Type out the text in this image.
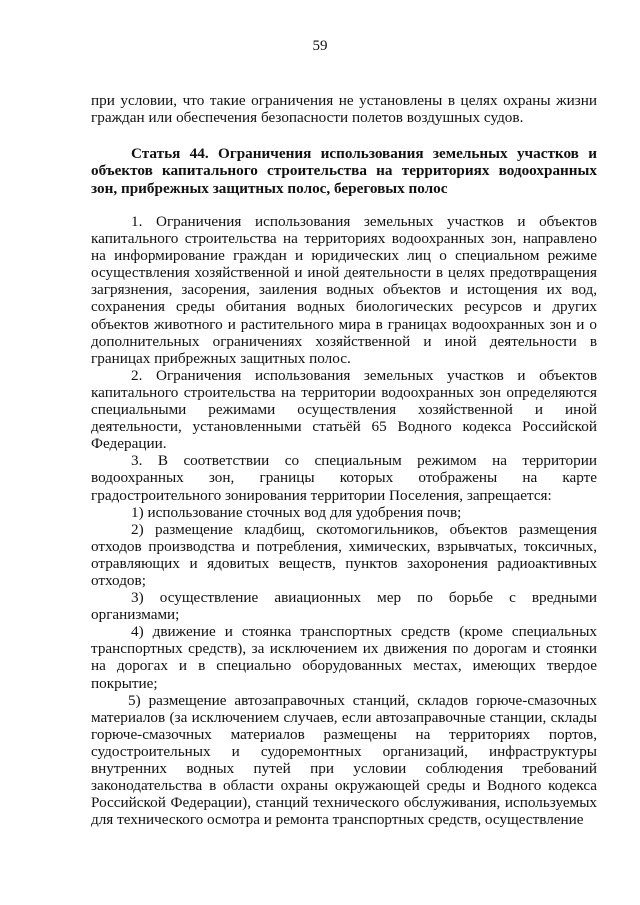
59

при условии, что такие ограничения не установлены в целях охраны жизни граждан или обеспечения безопасности полетов воздушных судов.

Статья 44. Ограничения использования земельных участков и объектов капитального строительства на территориях водоохранных зон, прибрежных защитных полос, береговых полос

1. Ограничения использования земельных участков и объектов капитального строительства на территориях водоохранных зон, направлено на информирование граждан и юридических лиц о специальном режиме осуществления хозяйственной и иной деятельности в целях предотвращения загрязнения, засорения, заиления водных объектов и истощения их вод, сохранения среды обитания водных биологических ресурсов и других объектов животного и растительного мира в границах водоохранных зон и о дополнительных ограничениях хозяйственной и иной деятельности в границах прибрежных защитных полос.

2. Ограничения использования земельных участков и объектов капитального строительства на территории водоохранных зон определяются специальными режимами осуществления хозяйственной и иной деятельности, установленными статьёй 65 Водного кодекса Российской Федерации.

3. В соответствии со специальным режимом на территории водоохранных зон, границы которых отображены на карте градостроительного зонирования территории Поселения, запрещается:

1) использование сточных вод для удобрения почв;

2) размещение кладбищ, скотомогильников, объектов размещения отходов производства и потребления, химических, взрывчатых, токсичных, отравляющих и ядовитых веществ, пунктов захоронения радиоактивных отходов;

3) осуществление авиационных мер по борьбе с вредными организмами;

4) движение и стоянка транспортных средств (кроме специальных транспортных средств), за исключением их движения по дорогам и стоянки на дорогах и в специально оборудованных местах, имеющих твердое покрытие;

5) размещение автозаправочных станций, складов горюче-смазочных материалов (за исключением случаев, если автозаправочные станции, склады горюче-смазочных материалов размещены на территориях портов, судостроительных и судоремонтных организаций, инфраструктуры внутренних водных путей при условии соблюдения требований законодательства в области охраны окружающей среды и Водного кодекса Российской Федерации), станций технического обслуживания, используемых для технического осмотра и ремонта транспортных средств, осуществление
